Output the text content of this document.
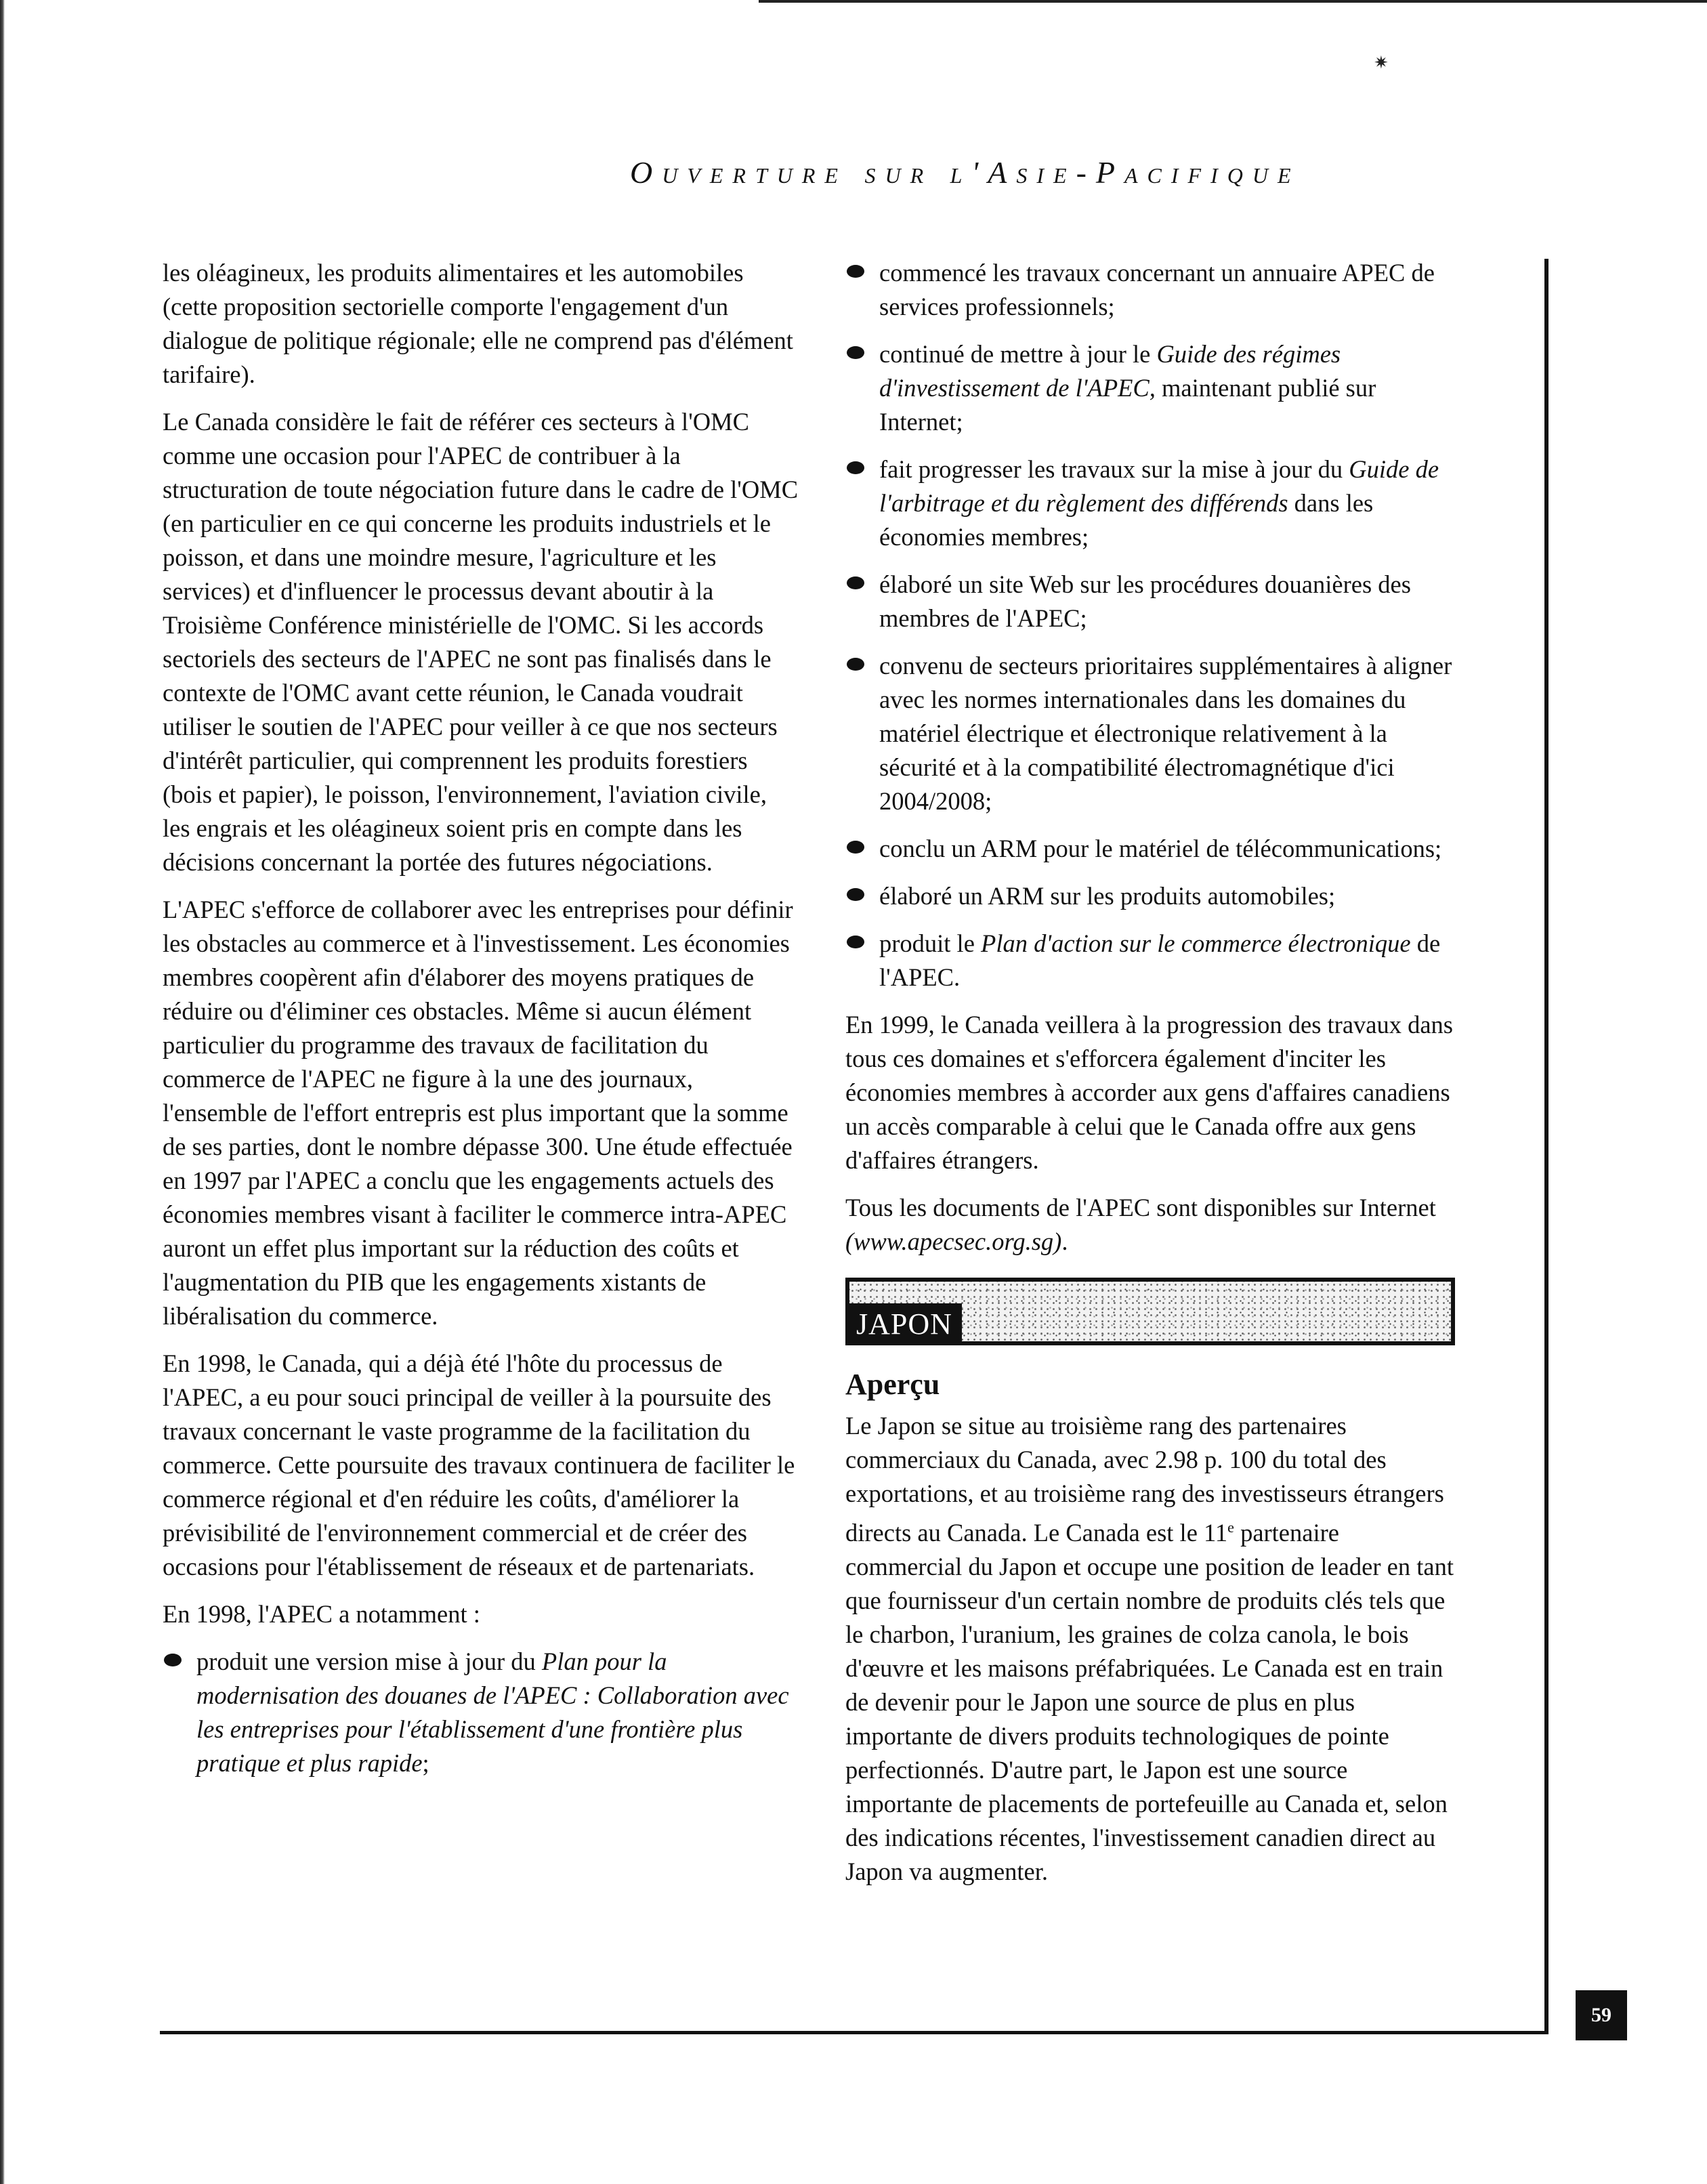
✷
Ouverture sur l'Asie-Pacifique

les oléagineux, les produits alimentaires et les automobiles (cette proposition sectorielle comporte l'engagement d'un dialogue de politique régionale; elle ne comprend pas d'élément tarifaire).

Le Canada considère le fait de référer ces secteurs à l'OMC comme une occasion pour l'APEC de contribuer à la structuration de toute négociation future dans le cadre de l'OMC (en particulier en ce qui concerne les produits industriels et le poisson, et dans une moindre mesure, l'agriculture et les services) et d'influencer le processus devant aboutir à la Troisième Conférence ministérielle de l'OMC. Si les accords sectoriels des secteurs de l'APEC ne sont pas finalisés dans le contexte de l'OMC avant cette réunion, le Canada voudrait utiliser le soutien de l'APEC pour veiller à ce que nos secteurs d'intérêt particulier, qui comprennent les produits forestiers (bois et papier), le poisson, l'environnement, l'aviation civile, les engrais et les oléagineux soient pris en compte dans les décisions concernant la portée des futures négociations.

L'APEC s'efforce de collaborer avec les entreprises pour définir les obstacles au commerce et à l'investissement. Les économies membres coopèrent afin d'élaborer des moyens pratiques de réduire ou d'éliminer ces obstacles. Même si aucun élément particulier du programme des travaux de facilitation du commerce de l'APEC ne figure à la une des journaux, l'ensemble de l'effort entrepris est plus important que la somme de ses parties, dont le nombre dépasse 300. Une étude effectuée en 1997 par l'APEC a conclu que les engagements actuels des économies membres visant à faciliter le commerce intra-APEC auront un effet plus important sur la réduction des coûts et l'augmentation du PIB que les engagements xistants de libéralisation du commerce.

En 1998, le Canada, qui a déjà été l'hôte du processus de l'APEC, a eu pour souci principal de veiller à la poursuite des travaux concernant le vaste programme de la facilitation du commerce. Cette poursuite des travaux continuera de faciliter le commerce régional et d'en réduire les coûts, d'améliorer la prévisibilité de l'environnement commercial et de créer des occasions pour l'établissement de réseaux et de partenariats.

En 1998, l'APEC a notamment :

produit une version mise à jour du Plan pour la modernisation des douanes de l'APEC : Collaboration avec les entreprises pour l'établissement d'une frontière plus pratique et plus rapide;
commencé les travaux concernant un annuaire APEC de services professionnels;
continué de mettre à jour le Guide des régimes d'investissement de l'APEC, maintenant publié sur Internet;
fait progresser les travaux sur la mise à jour du Guide de l'arbitrage et du règlement des différends dans les économies membres;
élaboré un site Web sur les procédures douanières des membres de l'APEC;
convenu de secteurs prioritaires supplémentaires à aligner avec les normes internationales dans les domaines du matériel électrique et électronique relativement à la sécurité et à la compatibilité électromagnétique d'ici 2004/2008;
conclu un ARM pour le matériel de télécommunications;
élaboré un ARM sur les produits automobiles;
produit le Plan d'action sur le commerce électronique de l'APEC.

En 1999, le Canada veillera à la progression des travaux dans tous ces domaines et s'efforcera également d'inciter les économies membres à accorder aux gens d'affaires canadiens un accès comparable à celui que le Canada offre aux gens d'affaires étrangers.

Tous les documents de l'APEC sont disponibles sur Internet (www.apecsec.org.sg).

JAPON
Aperçu

Le Japon se situe au troisième rang des partenaires commerciaux du Canada, avec 2.98 p. 100 du total des exportations, et au troisième rang des investisseurs étrangers directs au Canada. Le Canada est le 11e partenaire commercial du Japon et occupe une position de leader en tant que fournisseur d'un certain nombre de produits clés tels que le charbon, l'uranium, les graines de colza canola, le bois d'œuvre et les maisons préfabriquées. Le Canada est en train de devenir pour le Japon une source de plus en plus importante de divers produits technologiques de pointe perfectionnés. D'autre part, le Japon est une source importante de placements de portefeuille au Canada et, selon des indications récentes, l'investissement canadien direct au Japon va augmenter.

59
